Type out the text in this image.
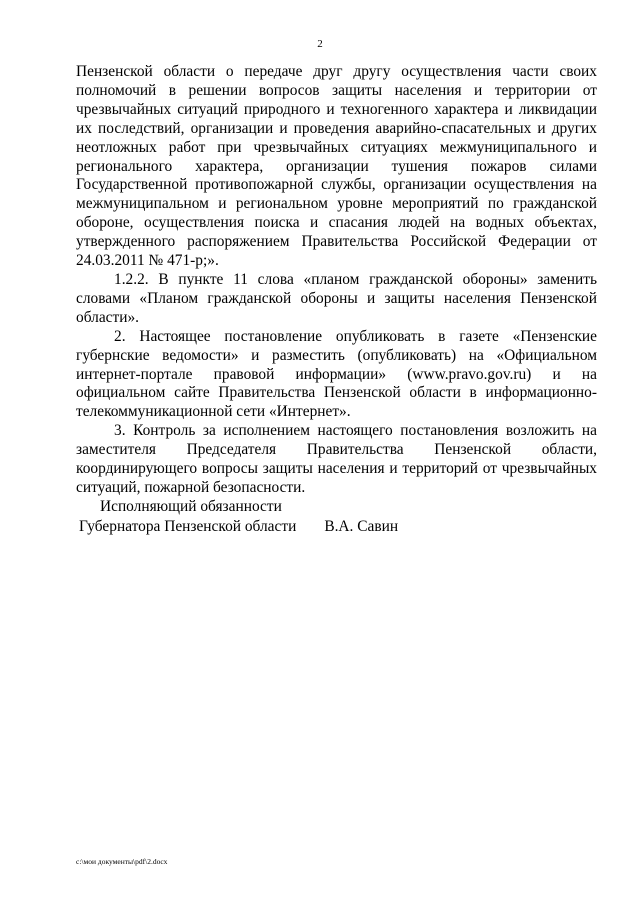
2

Пензенской области о передаче друг другу осуществления части своих полномочий в решении вопросов защиты населения и территории от чрезвычайных ситуаций природного и техногенного характера и ликвидации их последствий, организации и проведения аварийно-спасательных и других неотложных работ при чрезвычайных ситуациях межмуниципального и регионального характера, организации тушения пожаров силами Государственной противопожарной службы, организации осуществления на межмуниципальном и региональном уровне мероприятий по гражданской обороне, осуществления поиска и спасания людей на водных объектах, утвержденного распоряжением Правительства Российской Федерации от 24.03.2011 № 471-р;».

1.2.2. В пункте 11 слова «планом гражданской обороны» заменить словами «Планом гражданской обороны и защиты населения Пензенской области».

2. Настоящее постановление опубликовать в газете «Пензенские губернские ведомости» и разместить (опубликовать) на «Официальном интернет-портале правовой информации» (www.pravo.gov.ru) и на официальном сайте Правительства Пензенской области в информационно-телекоммуникационной сети «Интернет».

3. Контроль за исполнением настоящего постановления возложить на заместителя Председателя Правительства Пензенской области, координирующего вопросы защиты населения и территорий от чрезвычайных ситуаций, пожарной безопасности.

Исполняющий обязанности
Губернатора Пензенской области В.А. Савин
c:\мои документы\pdf\2.docx
